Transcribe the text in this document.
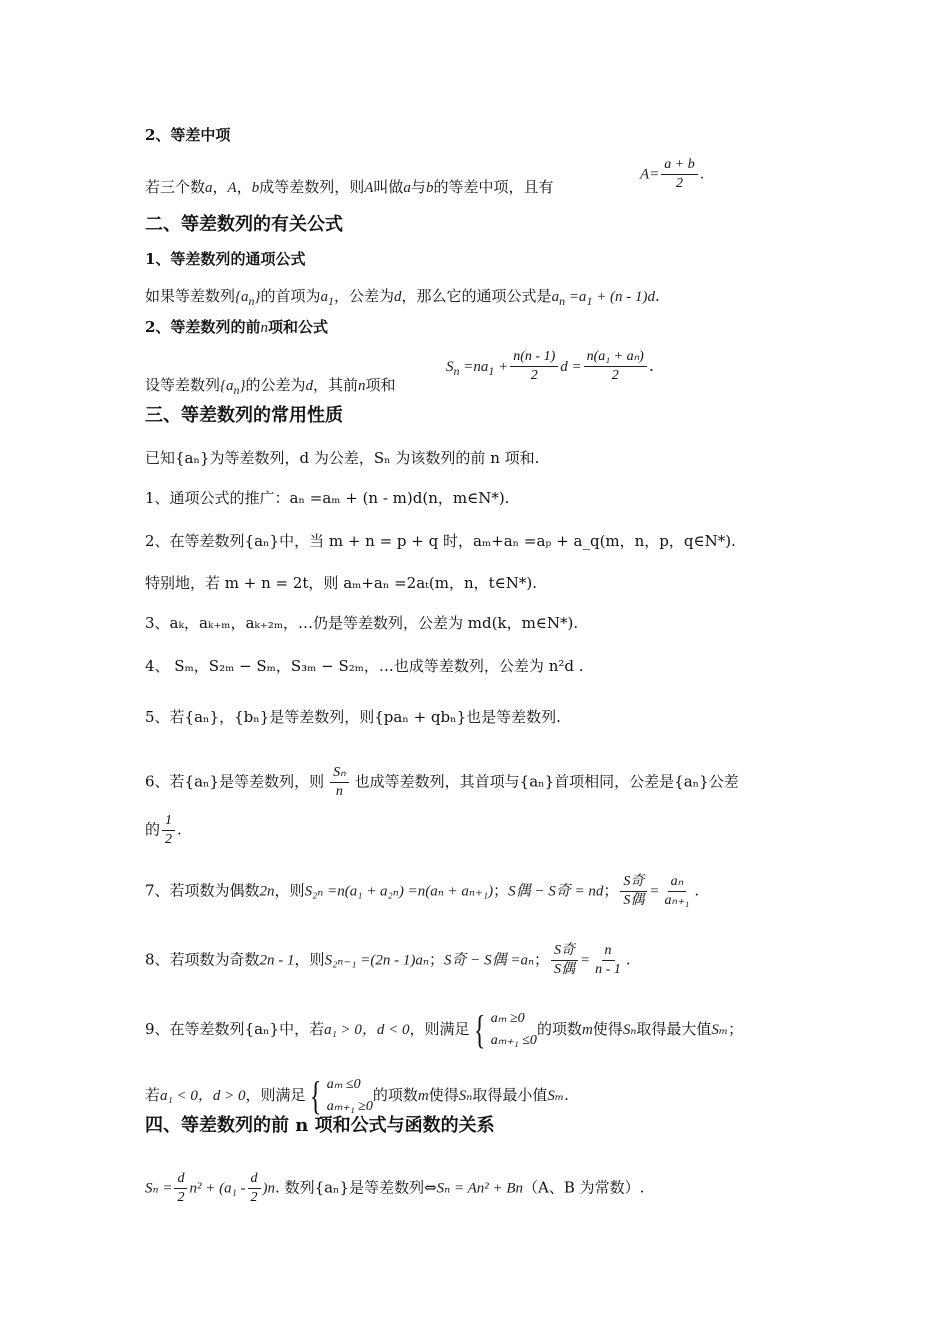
2、等差中项
若三个数a，A，b成等差数列，则A叫做a与b的等差中项，且有
$A= \frac{a + b}{2}$ .
二、等差数列的有关公式
1、等差数列的通项公式
如果等差数列$\{a_n\}$的首项为$a_1$，公差为d，那么它的通项公式是$a_n =a_1 + (n - 1)d$.
2、等差数列的前n项和公式
设等差数列$\{a_n\}$的公差为d，其前n项和
$S_n =na_1 + \frac{n(n - 1)}{2}$ $d = \frac{\text{n(a₁ + aₙ)}}{2}$ .
三、等差数列的常用性质
已知{aₙ}为等差数列，d 为公差，Sₙ 为该数列的前 n 项和.
1、通项公式的推广：aₙ =aₘ + (n - m)d(n，m∈N*).
2、在等差数列{aₙ}中，当 m + n = p + q 时，aₘ+aₙ =aₚ + a_q(m，n，p，q∈N*).
特别地，若 m + n = 2t，则 aₘ+aₙ =2aₜ(m，n，t∈N*).
3、aₖ，aₖ₊ₘ，aₖ₊₂ₘ，…仍是等差数列，公差为 md(k，m∈N*).
4、 Sₘ，S₂ₘ − Sₘ，S₃ₘ − S₂ₘ，…也成等差数列，公差为 n²d .
5、若{aₙ}，{bₙ}是等差数列，则{paₙ + qbₙ}也是等差数列.
6、若{aₙ}是等差数列，则 $\frac{\text{Sₙ}}{n}$ 也成等差数列，其首项与{aₙ}首项相同，公差是{aₙ}公差
的 $\frac{1}{2}$ .
7、若项数为偶数2n，则S₂ₙ =n(a₁ + a₂ₙ) =n(aₙ + aₙ₊₁)；S偶 − S奇 = nd； $\frac{\text{S奇}}{\text{S偶}} = \frac{\text{aₙ}}{\text{aₙ₊₁}}$ .
8、若项数为奇数2n - 1，则S₂ₙ₋₁ =(2n - 1)aₙ；S奇 − S偶 =aₙ； $\frac{\text{S奇}}{\text{S偶}} = \frac{n}{n - 1}$ .
9、在等差数列{aₙ}中，若a₁ > 0，d < 0，则满足 { aₘ ≥0
aₘ₊₁ ≤0
的项数m使得Sₙ取得最大值Sₘ；
若a₁ < 0，d > 0，则满足 { aₘ ≤0
aₘ₊₁ ≥0
的项数m使得Sₙ取得最小值Sₘ.
四、等差数列的前 n 项和公式与函数的关系
$S_n = \frac{d}{2} n^2 + (a_1 - \frac{d}{2} )n$. 数列{aₙ}是等差数列⇔Sₙ = An² + Bn（A、B 为常数）.
